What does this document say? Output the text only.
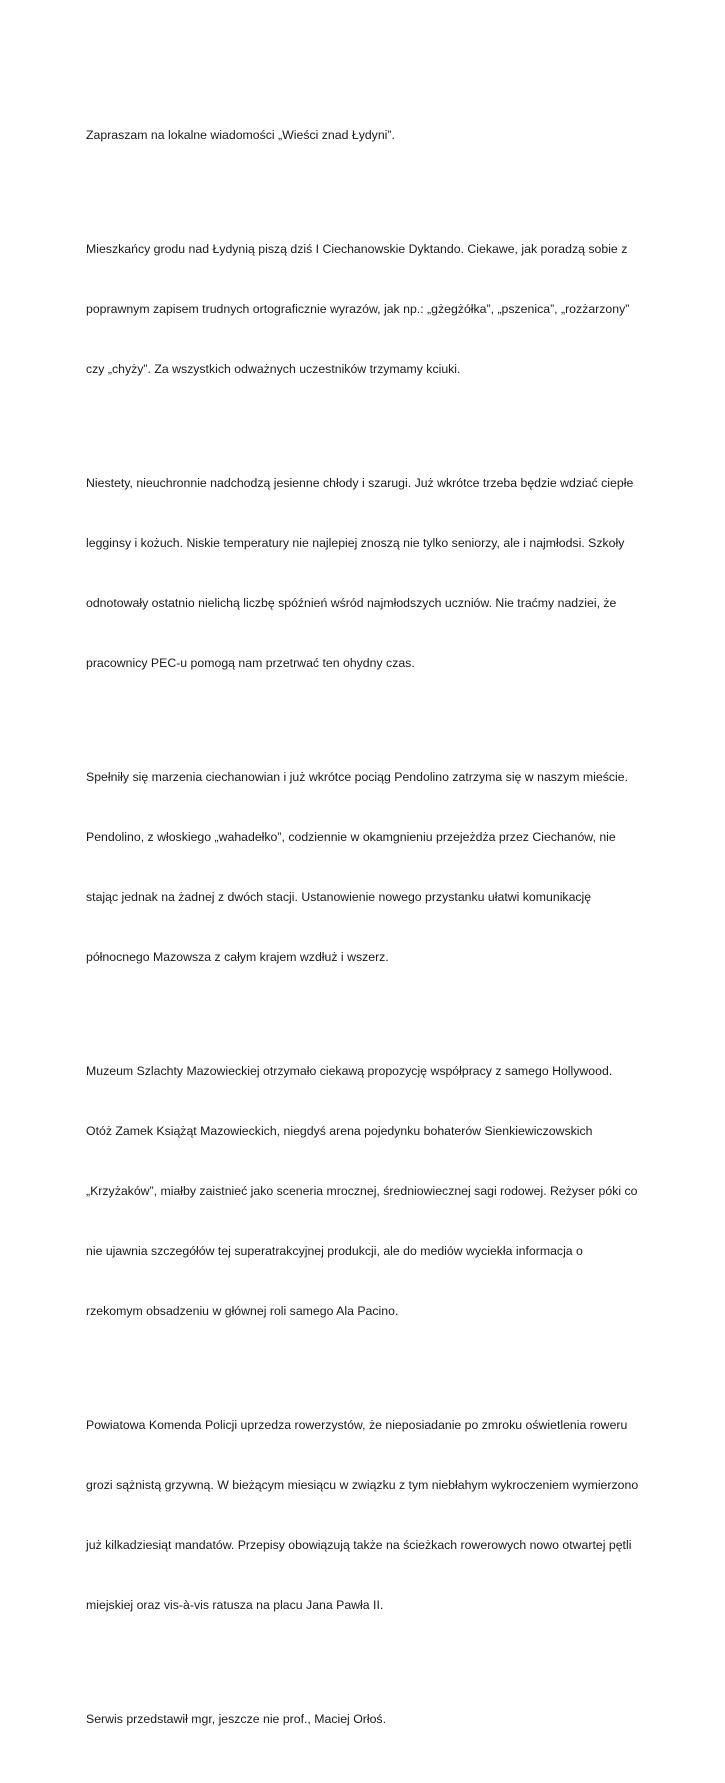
Zapraszam na lokalne wiadomości „Wieści znad Łydyni”.

Mieszkańcy grodu nad Łydynią piszą dziś I Ciechanowskie Dyktando. Ciekawe, jak poradzą sobie z

poprawnym zapisem trudnych ortograficznie wyrazów, jak np.: „gżegżółka”, „pszenica”, „rozżarzony”

czy „chyży”. Za wszystkich odważnych uczestników trzymamy kciuki.

Niestety, nieuchronnie nadchodzą jesienne chłody i szarugi. Już wkrótce trzeba będzie wdziać ciepłe

legginsy i kożuch. Niskie temperatury nie najlepiej znoszą nie tylko seniorzy, ale i najmłodsi. Szkoły

odnotowały ostatnio nielichą liczbę spóźnień wśród najmłodszych uczniów. Nie traćmy nadziei, że

pracownicy PEC-u pomogą nam przetrwać ten ohydny czas.

Spełniły się marzenia ciechanowian i już wkrótce pociąg Pendolino zatrzyma się w naszym mieście.

Pendolino, z włoskiego „wahadełko”, codziennie w okamgnieniu przejeżdża przez Ciechanów, nie

stając jednak na żadnej z dwóch stacji. Ustanowienie nowego przystanku ułatwi komunikację

północnego Mazowsza z całym krajem wzdłuż i wszerz.

Muzeum Szlachty Mazowieckiej otrzymało ciekawą propozycję współpracy z samego Hollywood.

Otóż Zamek Książąt Mazowieckich, niegdyś arena pojedynku bohaterów Sienkiewiczowskich

„Krzyżaków”, miałby zaistnieć jako sceneria mrocznej, średniowiecznej sagi rodowej. Reżyser póki co

nie ujawnia szczegółów tej superatrakcyjnej produkcji, ale do mediów wyciekła informacja o

rzekomym obsadzeniu w głównej roli samego Ala Pacino.

Powiatowa Komenda Policji uprzedza rowerzystów, że nieposiadanie po zmroku oświetlenia roweru

grozi sążnistą grzywną. W bieżącym miesiącu w związku z tym niebłahym wykroczeniem wymierzono

już kilkadziesiąt mandatów. Przepisy obowiązują także na ścieżkach rowerowych nowo otwartej pętli

miejskiej oraz vis-à-vis ratusza na placu Jana Pawła II.

Serwis przedstawił mgr, jeszcze nie prof., Maciej Orłoś.
